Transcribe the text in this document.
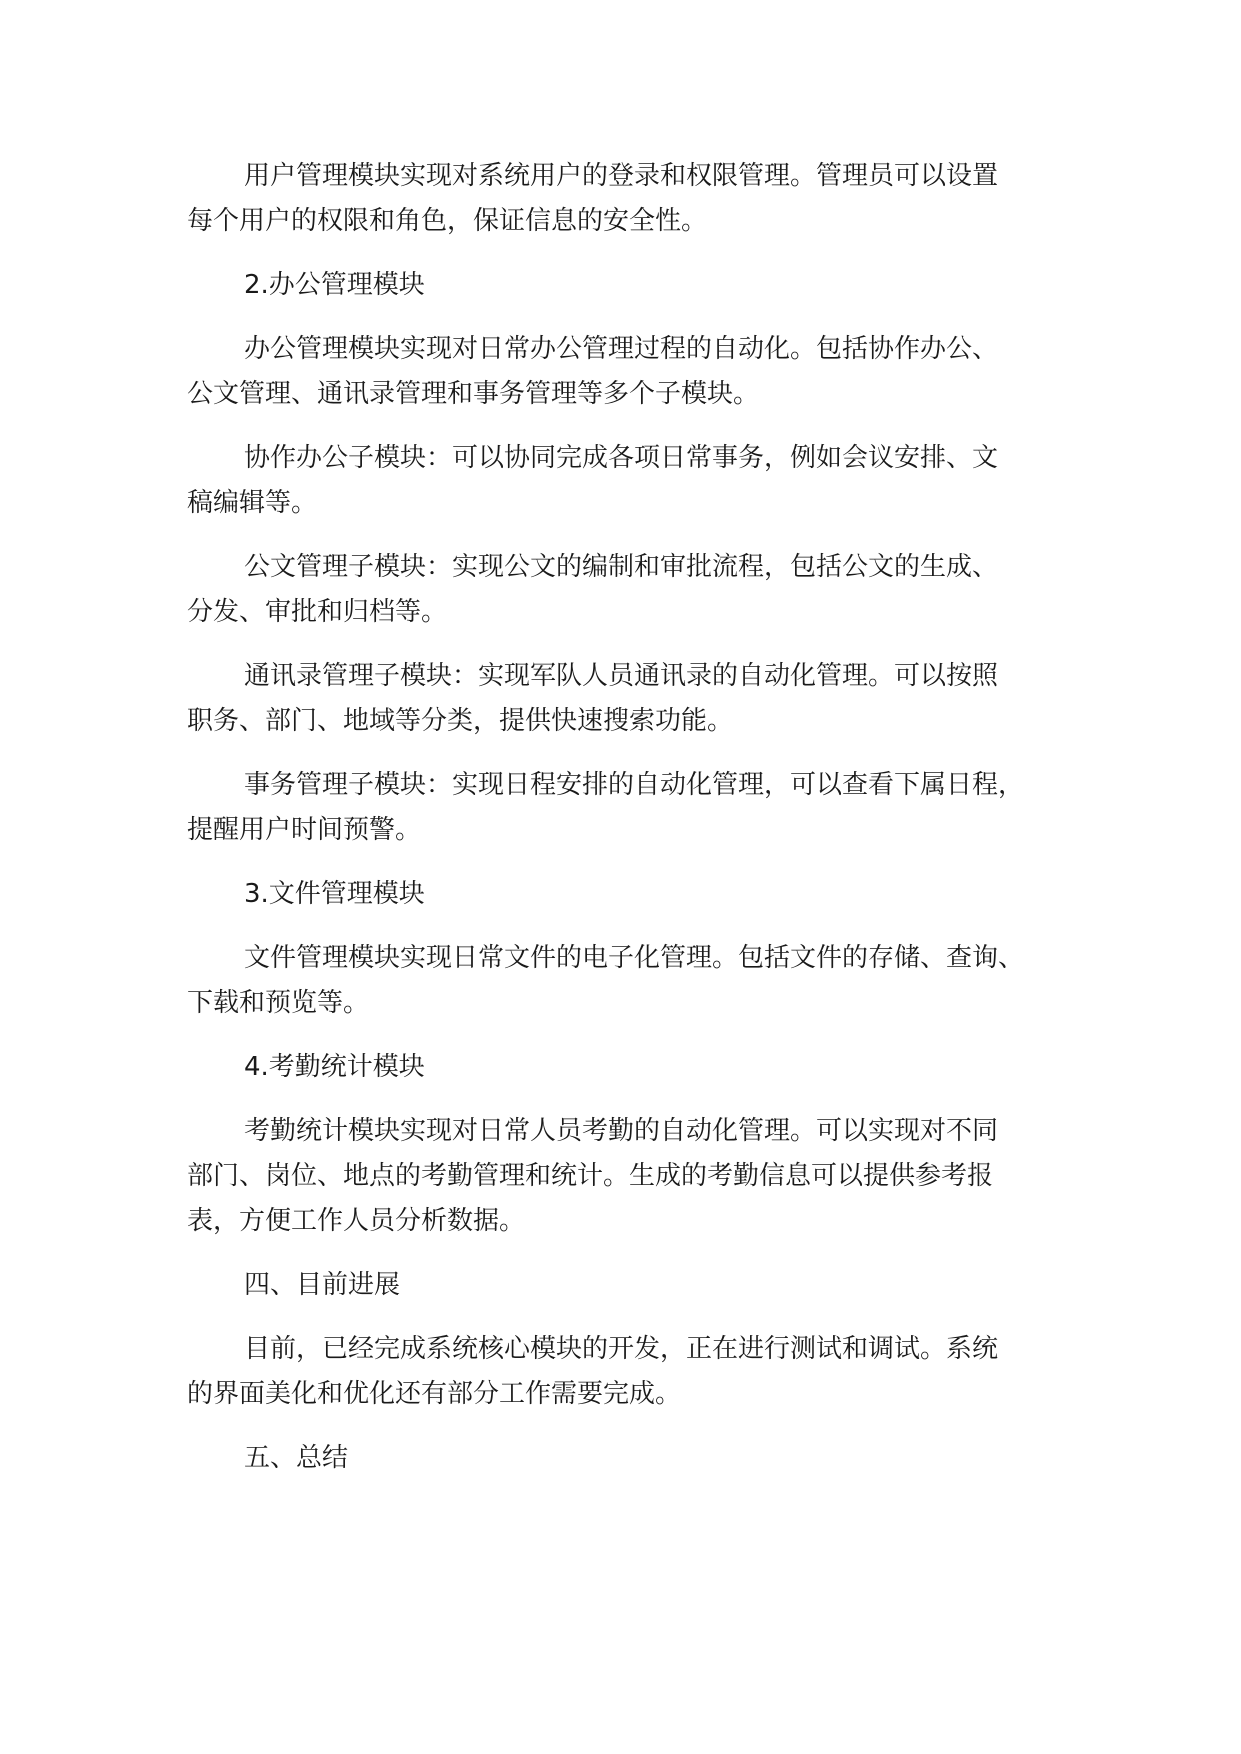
用户管理模块实现对系统用户的登录和权限管理。管理员可以设置
每个用户的权限和角色，保证信息的安全性。

2.办公管理模块

办公管理模块实现对日常办公管理过程的自动化。包括协作办公、
公文管理、通讯录管理和事务管理等多个子模块。

协作办公子模块：可以协同完成各项日常事务，例如会议安排、文
稿编辑等。

公文管理子模块：实现公文的编制和审批流程，包括公文的生成、
分发、审批和归档等。

通讯录管理子模块：实现军队人员通讯录的自动化管理。可以按照
职务、部门、地域等分类，提供快速搜索功能。

事务管理子模块：实现日程安排的自动化管理，可以查看下属日程，
提醒用户时间预警。

3.文件管理模块

文件管理模块实现日常文件的电子化管理。包括文件的存储、查询、
下载和预览等。

4.考勤统计模块

考勤统计模块实现对日常人员考勤的自动化管理。可以实现对不同
部门、岗位、地点的考勤管理和统计。生成的考勤信息可以提供参考报
表，方便工作人员分析数据。

四、目前进展

目前，已经完成系统核心模块的开发，正在进行测试和调试。系统
的界面美化和优化还有部分工作需要完成。

五、总结
